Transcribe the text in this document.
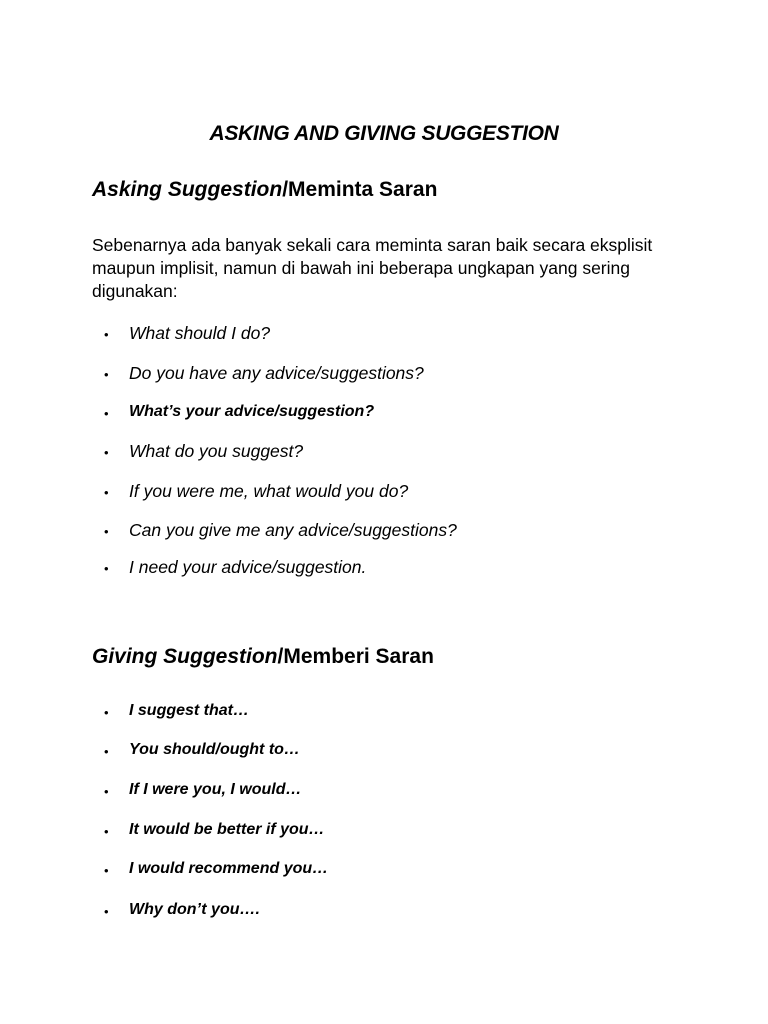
ASKING AND GIVING SUGGESTION
Asking Suggestion/Meminta Saran

Sebenarnya ada banyak sekali cara meminta saran baik secara eksplisit maupun implisit, namun di bawah ini beberapa ungkapan yang sering digunakan:

• What should I do?
• Do you have any advice/suggestions?
• What’s your advice/suggestion?
• What do you suggest?
• If you were me, what would you do?
• Can you give me any advice/suggestions?
• I need your advice/suggestion.
Giving Suggestion/Memberi Saran
• I suggest that…
• You should/ought to…
• If I were you, I would…
• It would be better if you…
• I would recommend you…
• Why don’t you….
